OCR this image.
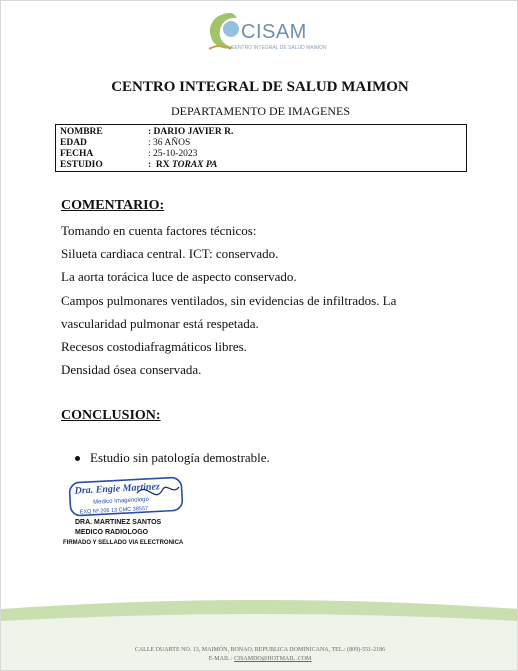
CISAM
CENTRO INTEGRAL DE SALUD MAIMON
CENTRO INTEGRAL DE SALUD MAIMON
DEPARTAMENTO DE IMAGENES
NOMBRE	: DARIO JAVIER R.
EDAD	: 36 AÑOS
FECHA	: 25-10-2023
ESTUDIO	:  RX TORAX PA
COMENTARIO:
Tomando en cuenta factores técnicos:
Silueta cardiaca central. ICT: conservado.
La aorta torácica luce de aspecto conservado.
Campos pulmonares ventilados, sin evidencias de infiltrados. La
vascularidad pulmonar está respetada.
Recesos costodiafragmáticos libres.
Densidad ósea conservada.
CONCLUSION:
Estudio sin patología demostrable.
Dra. Engie Martinez
Medico Imagenologo
EXQ Nº 206 13 CMC 38557
DRA. MARTINEZ SANTOS
MEDICO RADIOLOGO
FIRMADO Y SELLADO VIA ELECTRONICA
CALLE DUARTE NO. 13, MAIMÓN, BONAO, REPUBLICA DOMINICANA, TEL.: (809)-551-2186
E-MAIL : CISAMDO@HOTMAIL .COM
